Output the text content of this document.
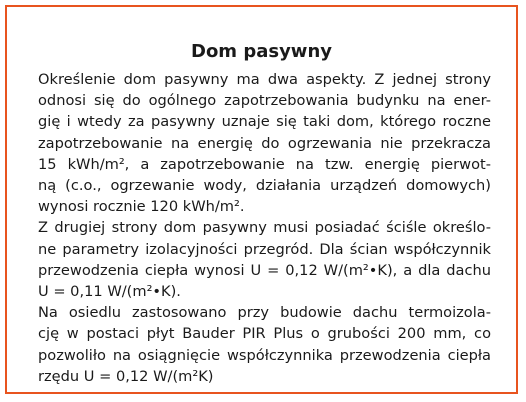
Dom pasywny

Określenie dom pasywny ma dwa aspekty. Z jednej strony
odnosi się do ogólnego zapotrzebowania budynku na ener-
gię i wtedy za pasywny uznaje się taki dom, którego roczne
zapotrzebowanie na energię do ogrzewania nie przekracza
15 kWh/m², a zapotrzebowanie na tzw. energię pierwot-
ną (c.o., ogrzewanie wody, działania urządzeń domowych)
wynosi rocznie 120 kWh/m².

Z drugiej strony dom pasywny musi posiadać ściśle określo-
ne parametry izolacyjności przegród. Dla ścian współczynnik
przewodzenia ciepła wynosi U = 0,12 W/(m²•K), a dla dachu
U = 0,11 W/(m²•K).

Na osiedlu zastosowano przy budowie dachu termoizola-
cję w postaci płyt Bauder PIR Plus o grubości 200 mm, co
pozwoliło na osiągnięcie współczynnika przewodzenia ciepła
rzędu U = 0,12 W/(m²K)
